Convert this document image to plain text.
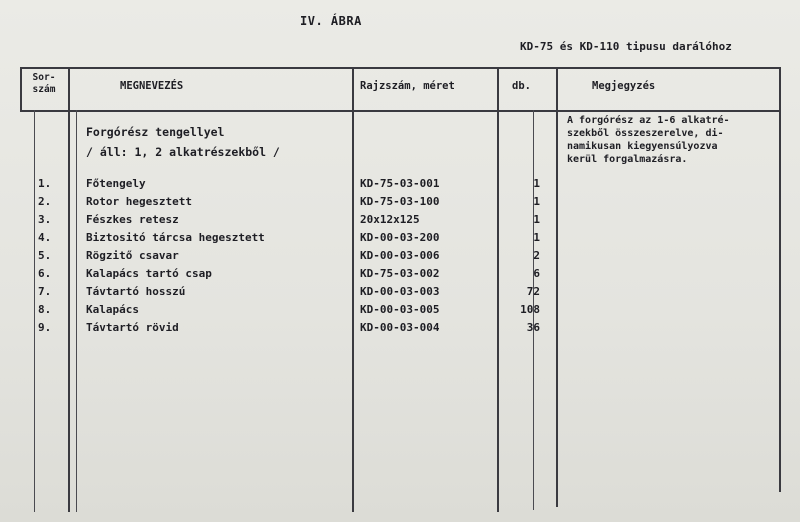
IV. ÁBRA
KD-75 és KD-110 tipusu darálóhoz
Sor-
szám	MEGNEVEZÉS	Rajzszám, méret	db.	Megjegyzés
Forgórész tengellyel
/ áll: 1, 2 alkatrészekből /
A forgórész az 1-6 alkatré-
szekből összeszerelve, di-
namikusan kiegyensúlyozva
kerül forgalmazásra.
1.	Főtengely	KD-75-03-001	1
2.	Rotor hegesztett	KD-75-03-100	1
3.	Fészkes retesz	20x12x125	1
4.	Biztositó tárcsa hegesztett	KD-00-03-200	1
5.	Rögzitő csavar	KD-00-03-006	2
6.	Kalapács tartó csap	KD-75-03-002	6
7.	Távtartó hosszú	KD-00-03-003	72
8.	Kalapács	KD-00-03-005	108
9.	Távtartó rövid	KD-00-03-004	36
